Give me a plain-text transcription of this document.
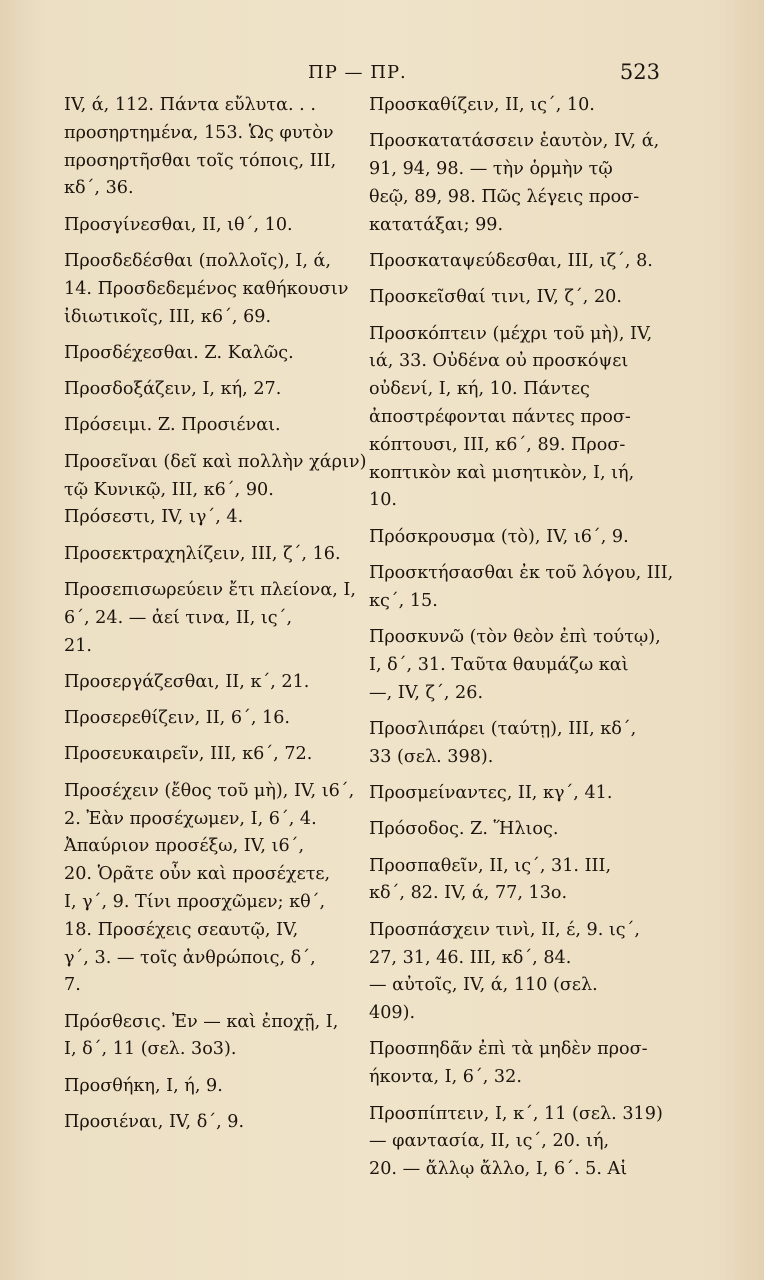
ΠΡ — ΠΡ.	523
IV, ά, 112. Πάντα εὔλυτα. . .
προσηρτημένα, 153. Ὡς φυτὸν
προσηρτῆσθαι τοῖς τόποις, III,
κδ΄, 36.
Προσγίνεσθαι, II, ιθ΄, 10.
Προσδεδέσθαι (πολλοῖς), I, ά,
14. Προσδεδεμένος καθήκουσιν
ἰδιωτικοῖς, III, κ6΄, 69.
Προσδέχεσθαι. Ζ. Καλῶς.
Προσδοξάζειν, I, κή, 27.
Πρόσειμι. Ζ. Προσιέναι.
Προσεῖναι (δεῖ καὶ πολλὴν χάριν)
τῷ Κυνικῷ, III, κ6΄, 90.
Πρόσεστι, IV, ιγ΄, 4.
Προσεκτραχηλίζειν, III, ζ΄, 16.
Προσεπισωρεύειν ἔτι πλείονα, I,
6΄, 24. — ἀεί τινα, II, ις΄,
21.
Προσεργάζεσθαι, II, κ΄, 21.
Προσερεθίζειν, II, 6΄, 16.
Προσευκαιρεῖν, III, κ6΄, 72.
Προσέχειν (ἔθος τοῦ μὴ), IV, ι6΄,
2. Ἐὰν προσέχωμεν, I, 6΄, 4.
Ἀπαύριον προσέξω, IV, ι6΄,
20. Ὁρᾶτε οὖν καὶ προσέχετε,
I, γ΄, 9. Τίνι προσχῶμεν; κθ΄,
18. Προσέχεις σεαυτῷ, IV,
γ΄, 3. — τοῖς ἀνθρώποις, δ΄,
7.
Πρόσθεσις. Ἐν — καὶ ἐποχῇ, I,
I, δ΄, 11 (σελ. 3ο3).
Προσθήκη, I, ή, 9.
Προσιέναι, IV, δ΄, 9.
Προσκαθίζειν, II, ις΄, 10.
Προσκατατάσσειν ἑαυτὸν, IV, ά,
91, 94, 98. — τὴν ὁρμὴν τῷ
θεῷ, 89, 98. Πῶς λέγεις προσ-
κατατάξαι; 99.
Προσκαταψεύδεσθαι, III, ιζ΄, 8.
Προσκεῖσθαί τινι, IV, ζ΄, 20.
Προσκόπτειν (μέχρι τοῦ μὴ), IV,
ιά, 33. Οὐδένα οὐ προσκόψει
οὐδενί, I, κή, 10. Πάντες
ἀποστρέφονται πάντες προσ-
κόπτουσι, III, κ6΄, 89. Προσ-
κοπτικὸν καὶ μισητικὸν, I, ιή,
10.
Πρόσκρουσμα (τὸ), IV, ι6΄, 9.
Προσκτήσασθαι ἐκ τοῦ λόγου, III,
κς΄, 15.
Προσκυνῶ (τὸν θεὸν ἐπὶ τούτῳ),
I, δ΄, 31. Ταῦτα θαυμάζω καὶ
—, IV, ζ΄, 26.
Προσλιπάρει (ταύτῃ), III, κδ΄,
33 (σελ. 398).
Προσμείναντες, II, κγ΄, 41.
Πρόσοδος. Ζ. Ἥλιος.
Προσπαθεῖν, II, ις΄, 31. III,
κδ΄, 82. IV, ά, 77, 13ο.
Προσπάσχειν τινὶ, II, έ, 9. ις΄,
27, 31, 46. III, κδ΄, 84.
— αὐτοῖς, IV, ά, 110 (σελ.
409).
Προσπηδᾶν ἐπὶ τὰ μηδὲν προσ-
ήκοντα, I, 6΄, 32.
Προσπίπτειν, I, κ΄, 11 (σελ. 319)
— φαντασία, II, ις΄, 20. ιή,
20. — ἄλλῳ ἄλλο, I, 6΄. 5. Αἱ
